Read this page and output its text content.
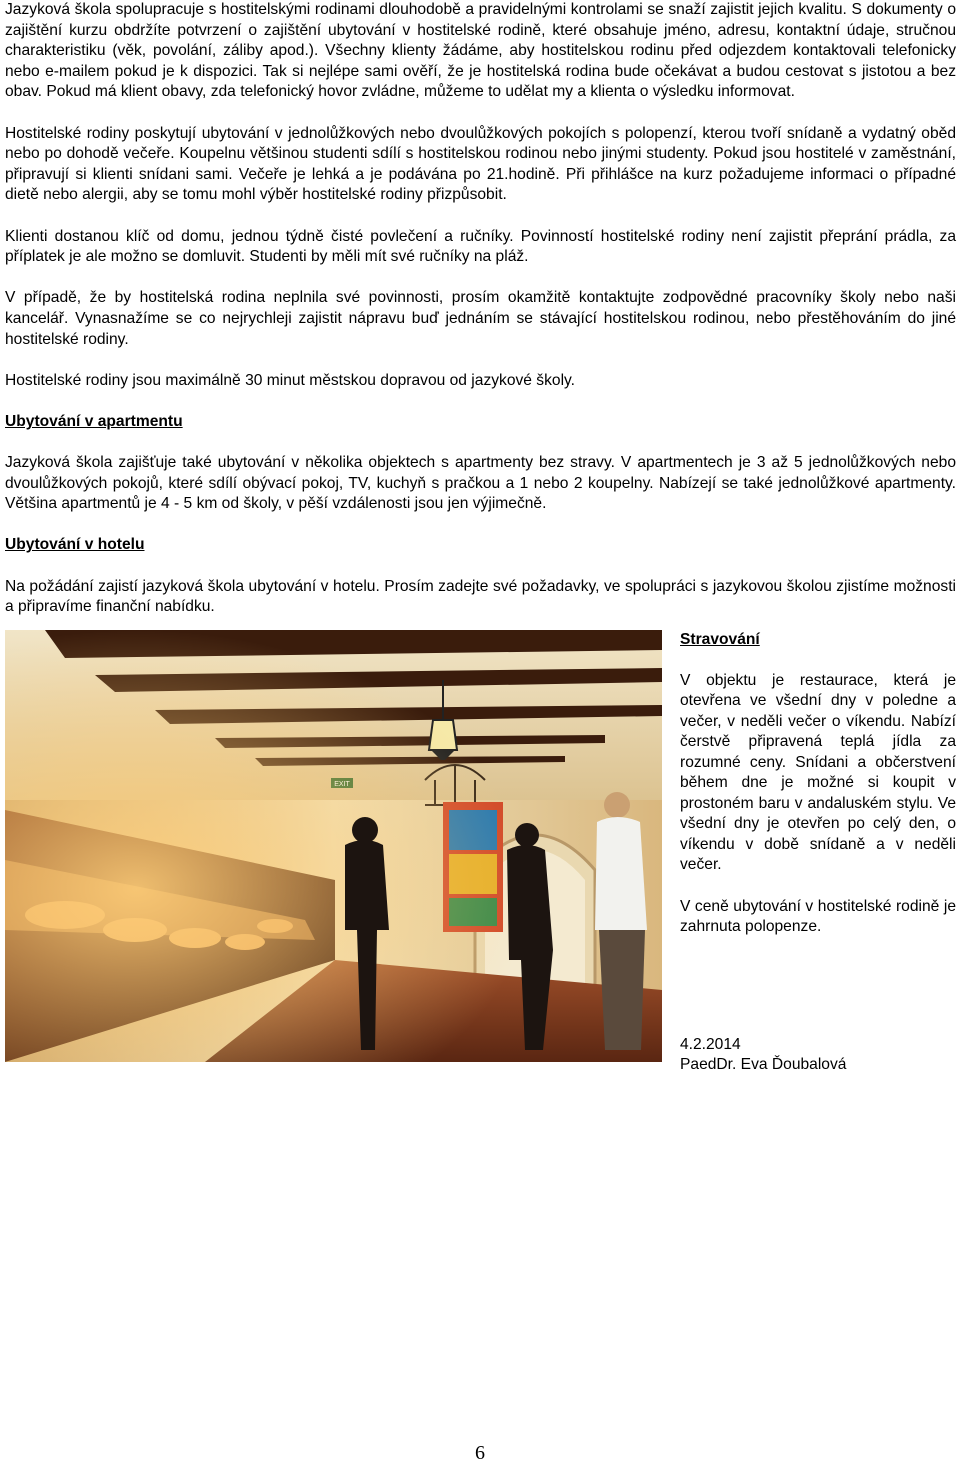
Jazyková škola spolupracuje s hostitelskými rodinami dlouhodobě a pravidelnými kontrolami se snaží zajistit jejich kvalitu. S dokumenty o zajištění kurzu obdržíte potvrzení o zajištění ubytování v hostitelské rodině, které obsahuje jméno, adresu, kontaktní údaje, stručnou charakteristiku (věk, povolání, záliby apod.). Všechny klienty žádáme, aby hostitelskou rodinu před odjezdem kontaktovali telefonicky nebo e-mailem pokud je k dispozici. Tak si nejlépe sami ověří, že je hostitelská rodina bude očekávat a budou cestovat s jistotou a bez obav. Pokud má klient obavy, zda telefonický hovor zvládne, můžeme to udělat my a klienta o výsledku informovat.

Hostitelské rodiny poskytují ubytování v jednolůžkových nebo dvoulůžkových pokojích s polopenzí, kterou tvoří snídaně a vydatný oběd nebo po dohodě večeře. Koupelnu většinou studenti sdílí s hostitelskou rodinou nebo jinými studenty. Pokud jsou hostitelé v zaměstnání, připravují si klienti snídani sami. Večeře je lehká a je podávána po 21.hodině. Při přihlášce na kurz požadujeme informaci o případné dietě nebo alergii, aby se tomu mohl výběr hostitelské rodiny přizpůsobit.

Klienti dostanou klíč od domu, jednou týdně čisté povlečení a ručníky. Povinností hostitelské rodiny není zajistit přeprání prádla, za příplatek je ale možno se domluvit. Studenti by měli mít své ručníky na pláž.

V případě, že by hostitelská rodina neplnila své povinnosti, prosím okamžitě kontaktujte zodpovědné pracovníky školy nebo naši kancelář. Vynasnažíme se co nejrychleji zajistit nápravu buď jednáním se stávající hostitelskou rodinou, nebo přestěhováním do jiné hostitelské rodiny.

Hostitelské rodiny jsou maximálně 30 minut městskou dopravou od jazykové školy.

Ubytování v apartmentu

Jazyková škola zajišťuje také ubytování v několika objektech s apartmenty bez stravy. V apartmentech je 3 až 5 jednolůžkových nebo dvoulůžkových pokojů, které sdílí obývací pokoj, TV, kuchyň s pračkou a 1 nebo 2 koupelny. Nabízejí se také jednolůžkové apartmenty. Většina apartmentů je 4 - 5 km od školy, v pěší vzdálenosti jsou jen výjimečně.

Ubytování v hotelu

Na požádání zajistí jazyková škola ubytování v hotelu. Prosím zadejte své požadavky, ve spolupráci s jazykovou školou zjistíme možnosti a připravíme finanční nabídku.

Stravování

V objektu je restaurace, která je otevřena ve všední dny v poledne a večer, v neděli večer o víkendu. Nabízí čerstvě připravená teplá jídla za rozumné ceny. Snídani a občerstvení během dne je možné si koupit v prostoném baru v andaluském stylu. Ve všední dny je otevřen po celý den, o víkendu v době snídaně a v neděli večer.

V ceně ubytování v hostitelské rodině je zahrnuta polopenze.

4.2.2014

PaedDr. Eva Ďoubalová

6
